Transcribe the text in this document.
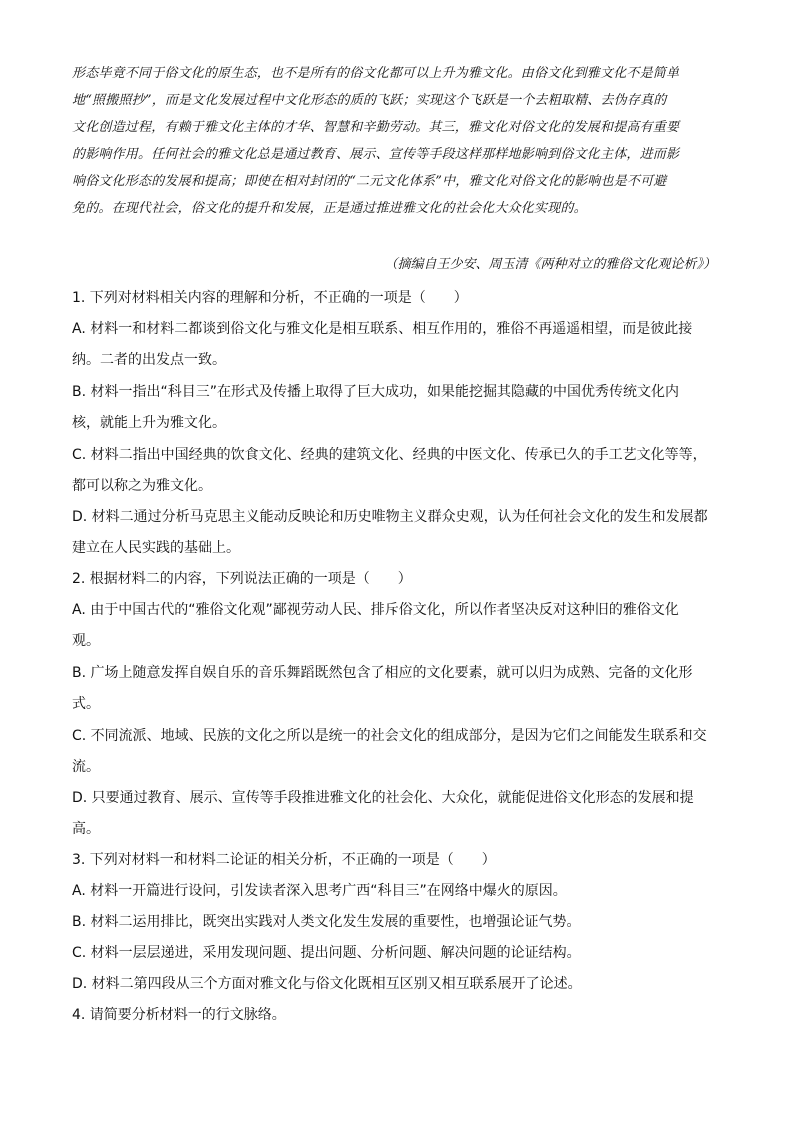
形态毕竟不同于俗文化的原生态，也不是所有的俗文化都可以上升为雅文化。由俗文化到雅文化不是简单
地“照搬照抄”，而是文化发展过程中文化形态的质的飞跃；实现这个飞跃是一个去粗取精、去伪存真的
文化创造过程，有赖于雅文化主体的才华、智慧和辛勤劳动。其三，雅文化对俗文化的发展和提高有重要
的影响作用。任何社会的雅文化总是通过教育、展示、宣传等手段这样那样地影响到俗文化主体，进而影
响俗文化形态的发展和提高；即使在相对封闭的“二元文化体系”中，雅文化对俗文化的影响也是不可避
免的。在现代社会，俗文化的提升和发展，正是通过推进雅文化的社会化大众化实现的。
（摘编自王少安、周玉清《两种对立的雅俗文化观论析》）
1. 下列对材料相关内容的理解和分析，不正确的一项是（　　）
A. 材料一和材料二都谈到俗文化与雅文化是相互联系、相互作用的，雅俗不再遥遥相望，而是彼此接
纳。二者的出发点一致。
B. 材料一指出“科目三”在形式及传播上取得了巨大成功，如果能挖掘其隐藏的中国优秀传统文化内
核，就能上升为雅文化。
C. 材料二指出中国经典的饮食文化、经典的建筑文化、经典的中医文化、传承已久的手工艺文化等等，
都可以称之为雅文化。
D. 材料二通过分析马克思主义能动反映论和历史唯物主义群众史观，认为任何社会文化的发生和发展都
建立在人民实践的基础上。
2. 根据材料二的内容，下列说法正确的一项是（　　）
A. 由于中国古代的“雅俗文化观”鄙视劳动人民、排斥俗文化，所以作者坚决反对这种旧的雅俗文化
观。
B. 广场上随意发挥自娱自乐的音乐舞蹈既然包含了相应的文化要素，就可以归为成熟、完备的文化形
式。
C. 不同流派、地域、民族的文化之所以是统一的社会文化的组成部分，是因为它们之间能发生联系和交
流。
D. 只要通过教育、展示、宣传等手段推进雅文化的社会化、大众化，就能促进俗文化形态的发展和提
高。
3. 下列对材料一和材料二论证的相关分析，不正确的一项是（　　）
A. 材料一开篇进行设问，引发读者深入思考广西“科目三”在网络中爆火的原因。
B. 材料二运用排比，既突出实践对人类文化发生发展的重要性，也增强论证气势。
C. 材料一层层递进，采用发现问题、提出问题、分析问题、解决问题的论证结构。
D. 材料二第四段从三个方面对雅文化与俗文化既相互区别又相互联系展开了论述。
4. 请简要分析材料一的行文脉络。
